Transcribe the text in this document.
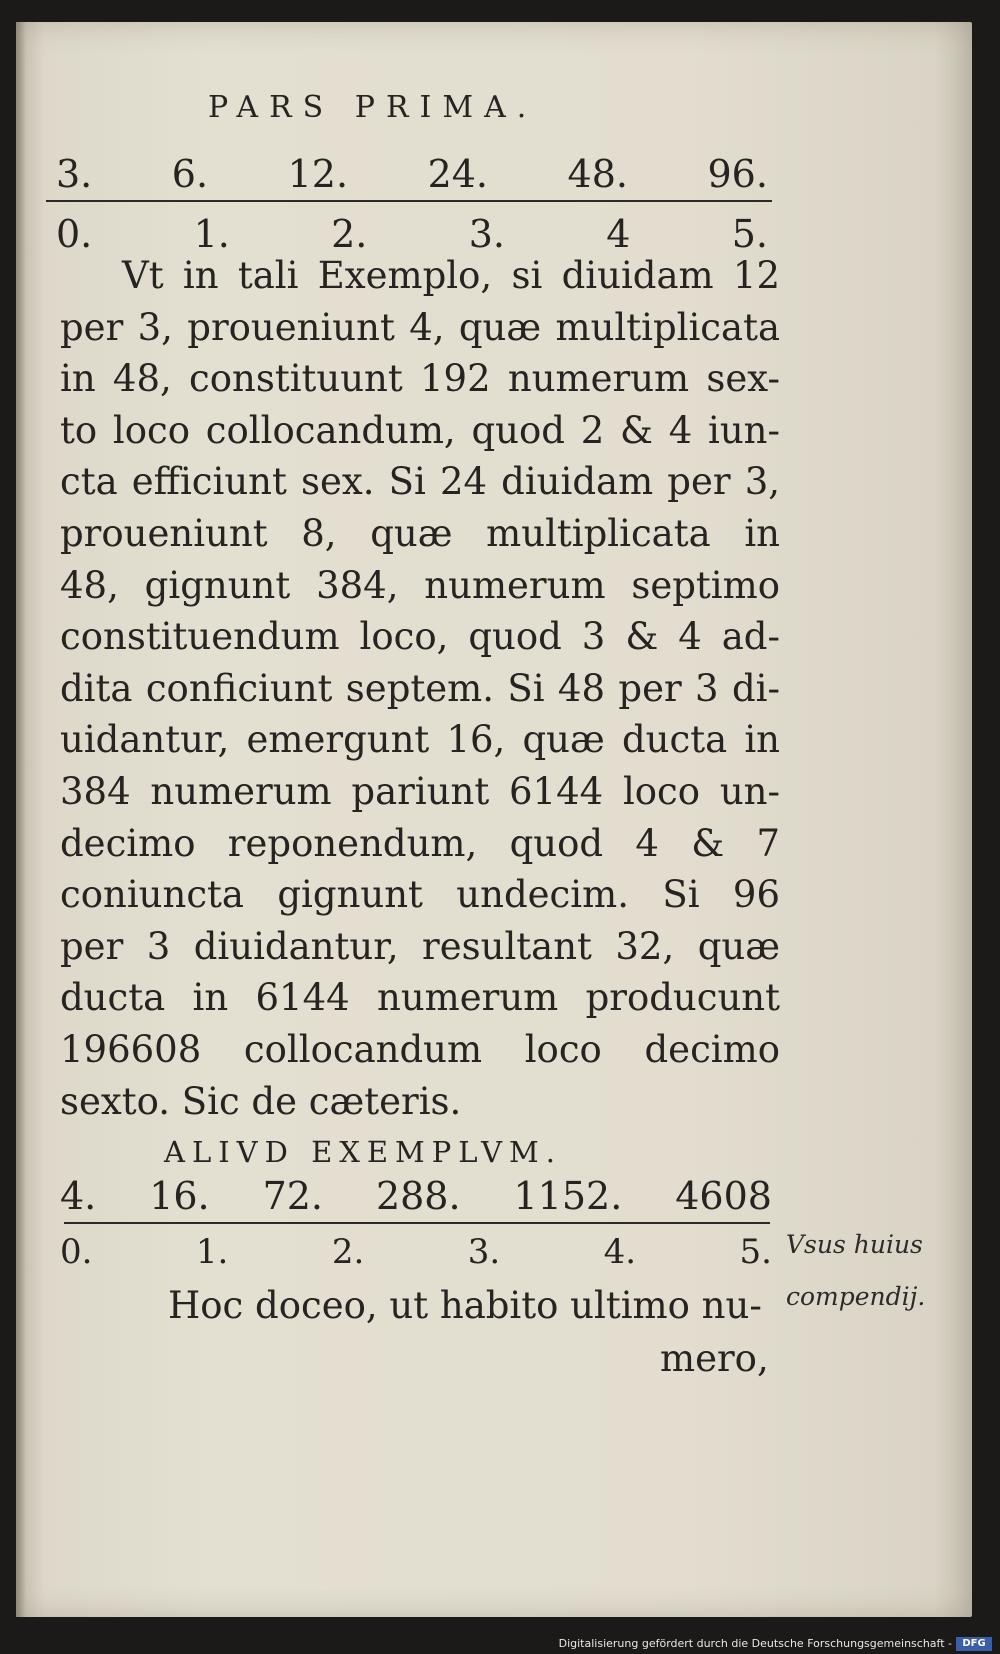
PARS PRIMA.
3. 6. 12. 24. 48. 96.
0.	1.	2.	3.	4	5.
Vt in tali Exemplo, si diuidam 12
per 3, proueniunt 4, quæ multiplicata
in 48, constituunt 192 numerum sex-
to loco collocandum, quod 2 & 4 iun-
cta efficiunt sex. Si 24 diuidam per 3,
proueniunt 8, quæ multiplicata in
48, gignunt 384, numerum septimo
constituendum loco, quod 3 & 4 ad-
dita conficiunt septem. Si 48 per 3 di-
uidantur, emergunt 16, quæ ducta in
384 numerum pariunt 6144 loco un-
decimo reponendum, quod 4 & 7
coniuncta gignunt undecim. Si 96
per 3 diuidantur, resultant 32, quæ
ducta in 6144 numerum producunt
196608 collocandum loco decimo
sexto. Sic de cæteris.
ALIVD EXEMPLVM.
4. 16. 72. 288. 1152. 4608
0.	1.	2.	3.	4.	5. Vsus huius
compendij.
Hoc doceo, ut habito ultimo nu-
mero,
Digitalisierung gefördert durch die Deutsche Forschungsgemeinschaft -	DFG
